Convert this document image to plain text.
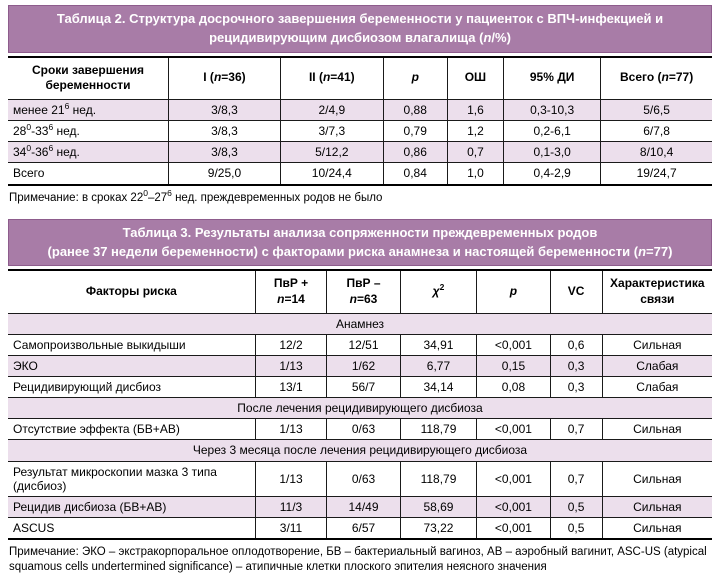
Таблица 2. Структура досрочного завершения беременности у пациенток с ВПЧ-инфекцией и
рецидивирующим дисбиозом влагалища (n/%)
Сроки завершения
беременности	I (n=36)	II (n=41)	p	ОШ	95% ДИ	Всего (n=77)
менее $21^6$ нед.	3/8,3	2/4,9	0,88	1,6	0,3-10,3	5/6,5
$28^0-33^6$ нед.	3/8,3	3/7,3	0,79	1,2	0,2-6,1	6/7,8
$34^0-36^6$ нед.	3/8,3	5/12,2	0,86	0,7	0,1-3,0	8/10,4
Всего	9/25,0	10/24,4	0,84	1,0	0,4-2,9	19/24,7
Примечание: в сроках $22^0-27^6$ нед. преждевременных родов не было
Таблица 3. Результаты анализа сопряженности преждевременных родов
(ранее 37 недели беременности) с факторами риска анамнеза и настоящей беременности (n=77)
Факторы риска	ПвР +
n=14	ПвР –
n=63	$\chi^2$	p	VC	Характеристика
связи
Анамнез						
Самопроизвольные выкидыши	12/2	12/51	34,91	<0,001	0,6	Сильная
ЭКО	1/13	1/62	6,77	0,15	0,3	Слабая
Рецидивирующий дисбиоз	13/1	56/7	34,14	0,08	0,3	Слабая
После лечения рецидивирующего дисбиоза						
Отсутствие эффекта (БВ+АВ)	1/13	0/63	118,79	<0,001	0,7	Сильная
Через 3 месяца после лечения рецидивирующего дисбиоза						
Результат микроскопии мазка 3 типа (дисбиоз)	1/13	0/63	118,79	<0,001	0,7	Сильная
Рецидив дисбиоза (БВ+АВ)	11/3	14/49	58,69	<0,001	0,5	Сильная
ASCUS	3/11	6/57	73,22	<0,001	0,5	Сильная
Примечание: ЭКО – экстракорпоральное оплодотворение, БВ – бактериальный вагиноз, АВ – аэробный вагинит, ASC-US (atypical squamous cells undertermined significance) – атипичные клетки плоского эпителия неясного значения
